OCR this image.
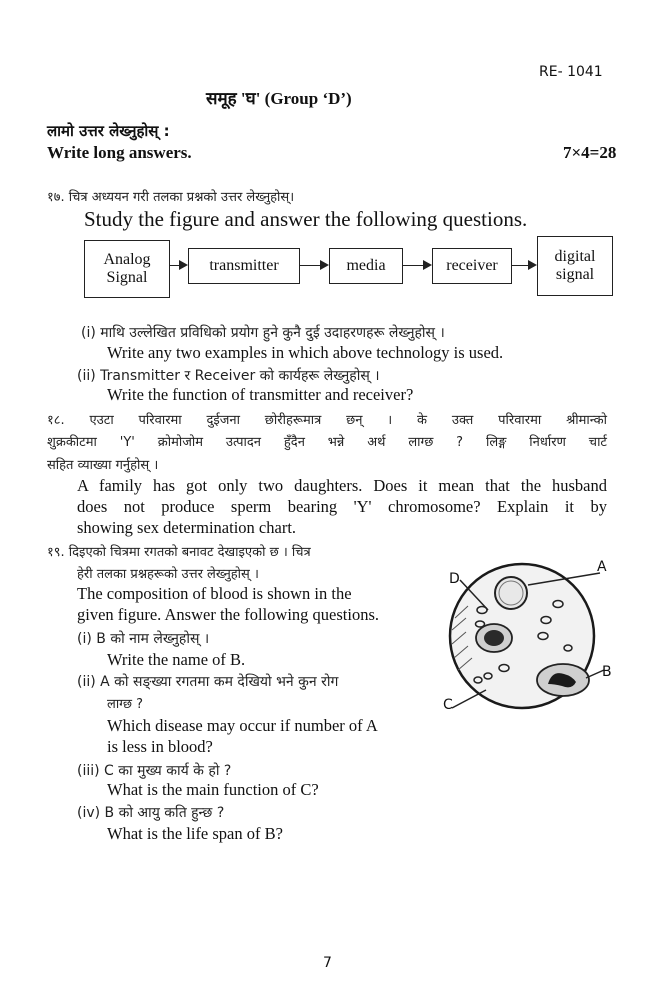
RE- 1041
समूह 'घ' (Group ‘D’)
लामो उत्तर लेख्नुहोस् :
Write long answers.	7×4=28
१७. चित्र अध्ययन गरी तलका प्रश्नको उत्तर लेख्नुहोस्।
Study the figure and answer the following questions.
Analog
Signal
transmitter	media	receiver
digital
signal
(i) माथि उल्लेखित प्रविधिको प्रयोग हुने कुनै दुई उदाहरणहरू लेख्नुहोस् ।
Write any two examples in which above technology is used.
(ii) Transmitter र Receiver को कार्यहरू लेख्नुहोस् ।
Write the function of transmitter and receiver?
१८. एउटा परिवारमा दुईजना छोरीहरूमात्र छन् । के उक्त परिवारमा श्रीमान्को
शुक्रकीटमा 'Y' क्रोमोजोम उत्पादन हुँदैन भन्ने अर्थ लाग्छ ? लिङ्ग निर्धारण चार्ट
सहित व्याख्या गर्नुहोस् ।
A family has got only two daughters. Does it mean that the husband
does not produce sperm bearing 'Y' chromosome? Explain it by
showing sex determination chart.
१९. दिइएको चित्रमा रगतको बनावट देखाइएको छ । चित्र
हेरी तलका प्रश्नहरूको उत्तर लेख्नुहोस् ।
The composition of blood is shown in the
given figure. Answer the following questions.
(i) B को नाम लेख्नुहोस् ।
Write the name of B.
(ii) A को सङ्ख्या रगतमा कम देखियो भने कुन रोग
लाग्छ ?
Which disease may occur if number of A
is less in blood?
(iii) C का मुख्य कार्य के हो ?
What is the main function of C?
(iv) B को आयु कति हुन्छ ?
What is the life span of B?
A
B
C
D
7
